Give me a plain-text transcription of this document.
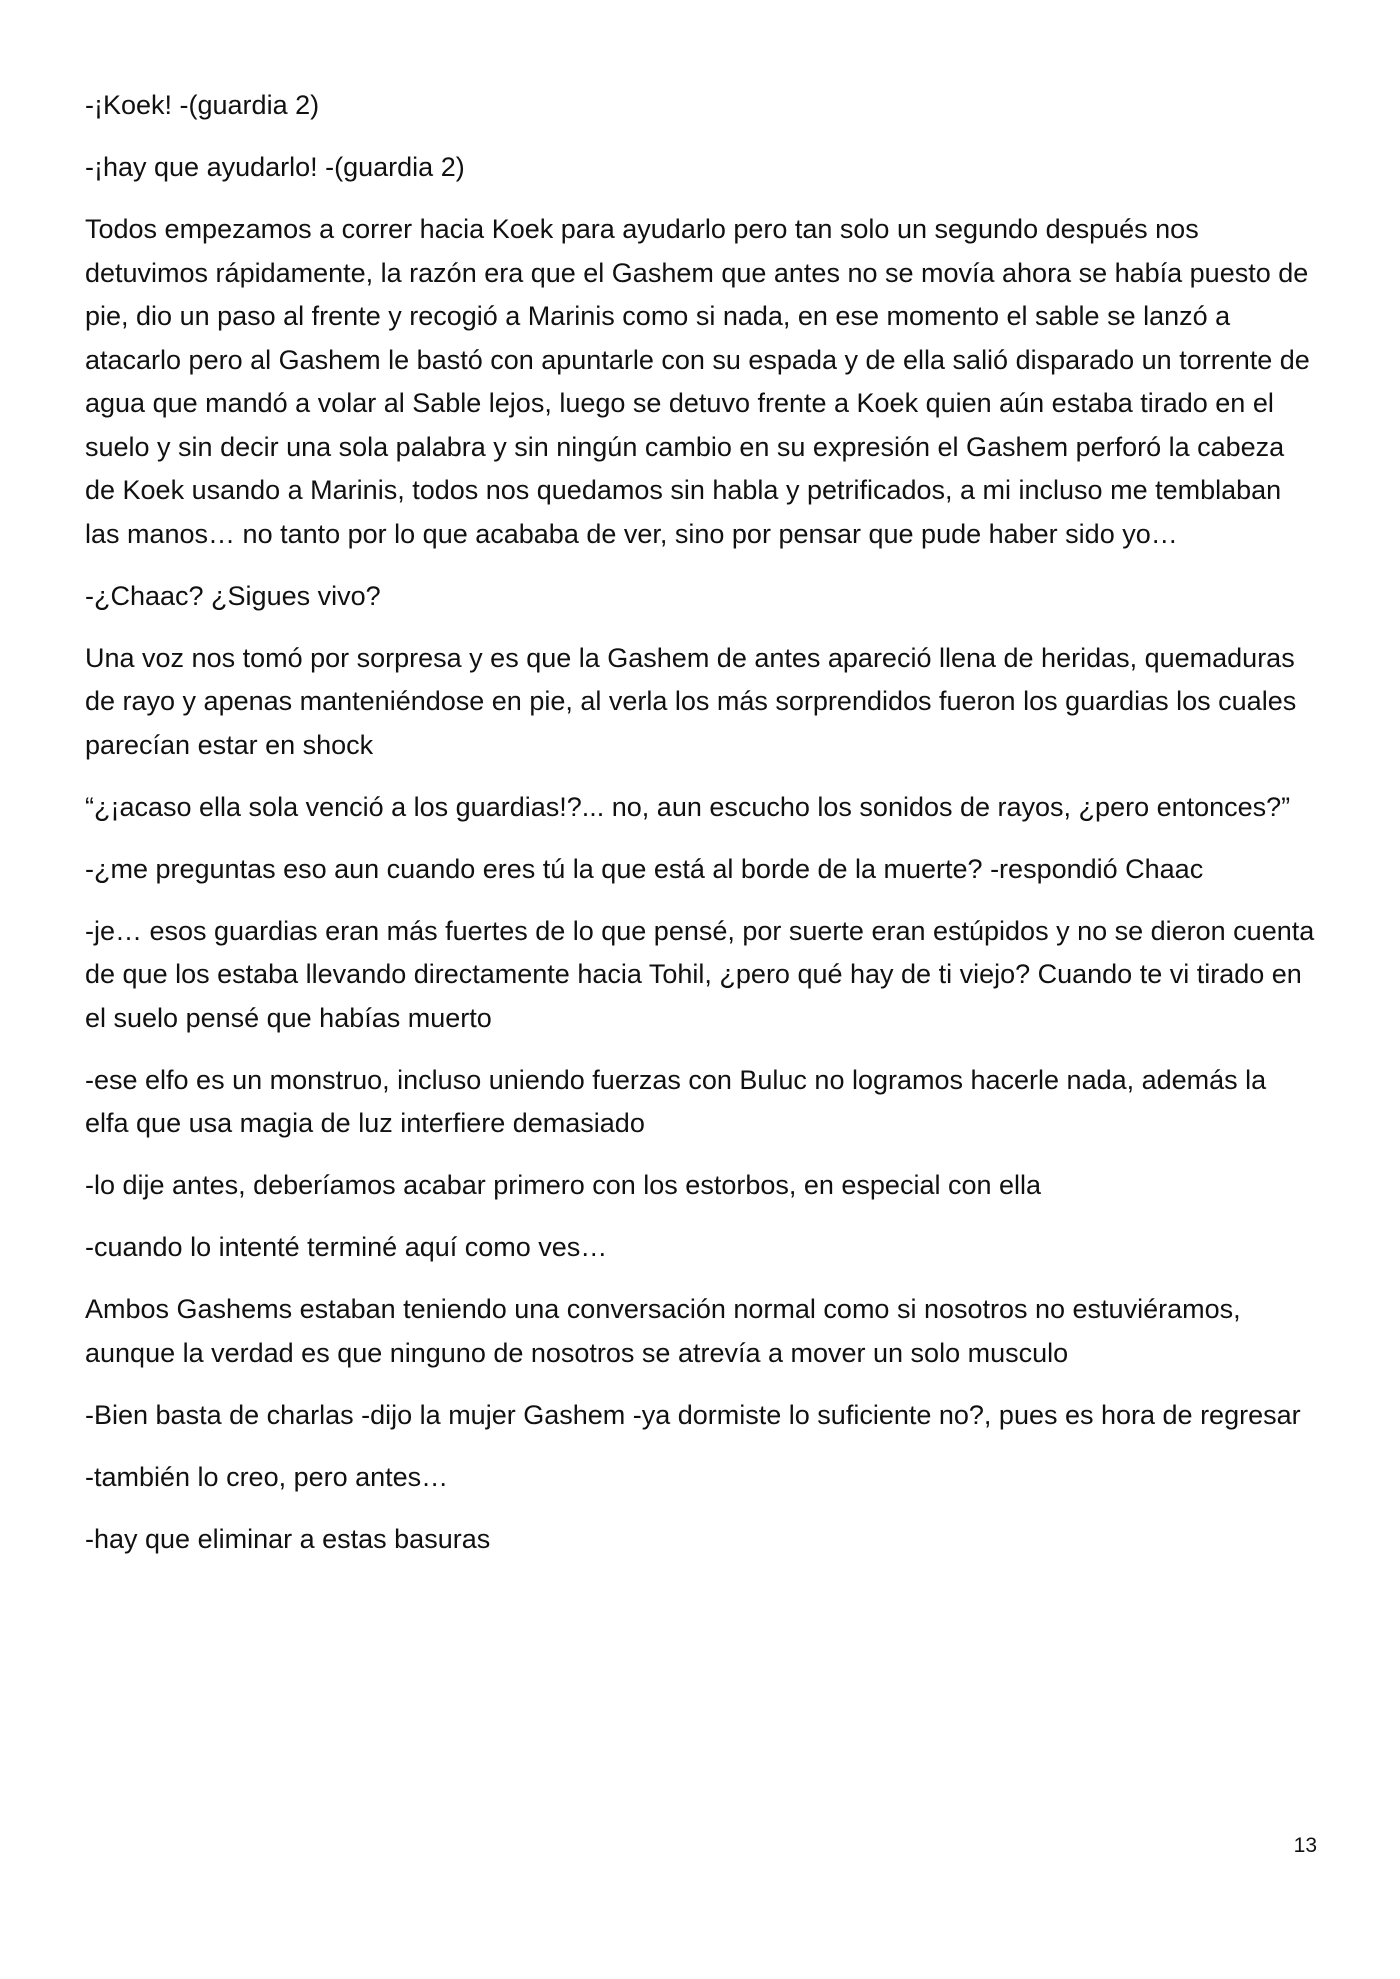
-¡Koek! -(guardia 2)

-¡hay que ayudarlo! -(guardia 2)

Todos empezamos a correr hacia Koek para ayudarlo pero tan solo un segundo después nos detuvimos rápidamente, la razón era que el Gashem que antes no se movía ahora se había puesto de pie, dio un paso al frente y recogió a Marinis como si nada, en ese momento el sable se lanzó a atacarlo pero al Gashem le bastó con apuntarle con su espada y de ella salió disparado un torrente de agua que mandó a volar al Sable lejos, luego se detuvo frente a Koek quien aún estaba tirado en el suelo y sin decir una sola palabra y sin ningún cambio en su expresión el Gashem perforó la cabeza de Koek usando a Marinis, todos nos quedamos sin habla y petrificados, a mi incluso me temblaban las manos… no tanto por lo que acababa de ver, sino por pensar que pude haber sido yo…

-¿Chaac? ¿Sigues vivo?

Una voz nos tomó por sorpresa y es que la Gashem de antes apareció llena de heridas, quemaduras de rayo y apenas manteniéndose en pie, al verla los más sorprendidos fueron los guardias los cuales parecían estar en shock

“¿¡acaso ella sola venció a los guardias!?... no, aun escucho los sonidos de rayos, ¿pero entonces?”

-¿me preguntas eso aun cuando eres tú la que está al borde de la muerte? -respondió Chaac

-je… esos guardias eran más fuertes de lo que pensé, por suerte eran estúpidos y no se dieron cuenta de que los estaba llevando directamente hacia Tohil, ¿pero qué hay de ti viejo? Cuando te vi tirado en el suelo pensé que habías muerto

-ese elfo es un monstruo, incluso uniendo fuerzas con Buluc no logramos hacerle nada, además la elfa que usa magia de luz interfiere demasiado

-lo dije antes, deberíamos acabar primero con los estorbos, en especial con ella

-cuando lo intenté terminé aquí como ves…

Ambos Gashems estaban teniendo una conversación normal como si nosotros no estuviéramos, aunque la verdad es que ninguno de nosotros se atrevía a mover un solo musculo

-Bien basta de charlas -dijo la mujer Gashem -ya dormiste lo suficiente no?, pues es hora de regresar

-también lo creo, pero antes…

-hay que eliminar a estas basuras

13
